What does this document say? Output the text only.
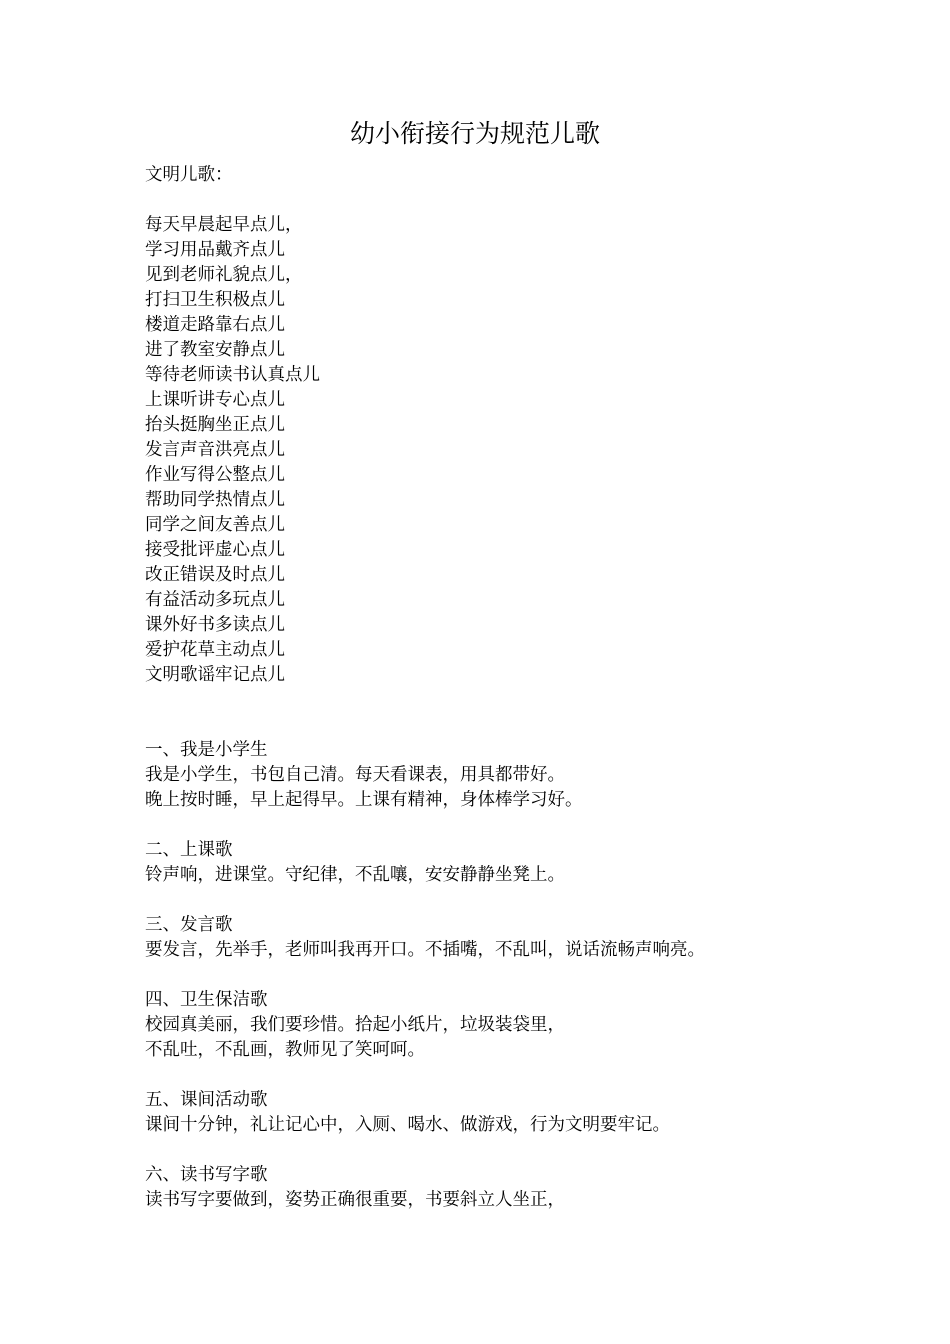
幼小衔接行为规范儿歌
文明儿歌：
每天早晨起早点儿，
学习用品戴齐点儿
见到老师礼貌点儿，
打扫卫生积极点儿
楼道走路靠右点儿
进了教室安静点儿
等待老师读书认真点儿
上课听讲专心点儿
抬头挺胸坐正点儿
发言声音洪亮点儿
作业写得公整点儿
帮助同学热情点儿
同学之间友善点儿
接受批评虚心点儿
改正错误及时点儿
有益活动多玩点儿
课外好书多读点儿
爱护花草主动点儿
文明歌谣牢记点儿
一、我是小学生
我是小学生，书包自己清。每天看课表，用具都带好。
晚上按时睡，早上起得早。上课有精神，身体棒学习好。
二、上课歌
铃声响，进课堂。守纪律，不乱嚷，安安静静坐凳上。
三、发言歌
要发言，先举手，老师叫我再开口。不插嘴，不乱叫，说话流畅声响亮。
四、卫生保洁歌
校园真美丽，我们要珍惜。拾起小纸片，垃圾装袋里，
不乱吐，不乱画，教师见了笑呵呵。
五、课间活动歌
课间十分钟，礼让记心中，入厕、喝水、做游戏，行为文明要牢记。
六、读书写字歌
读书写字要做到，姿势正确很重要，书要斜立人坐正，
